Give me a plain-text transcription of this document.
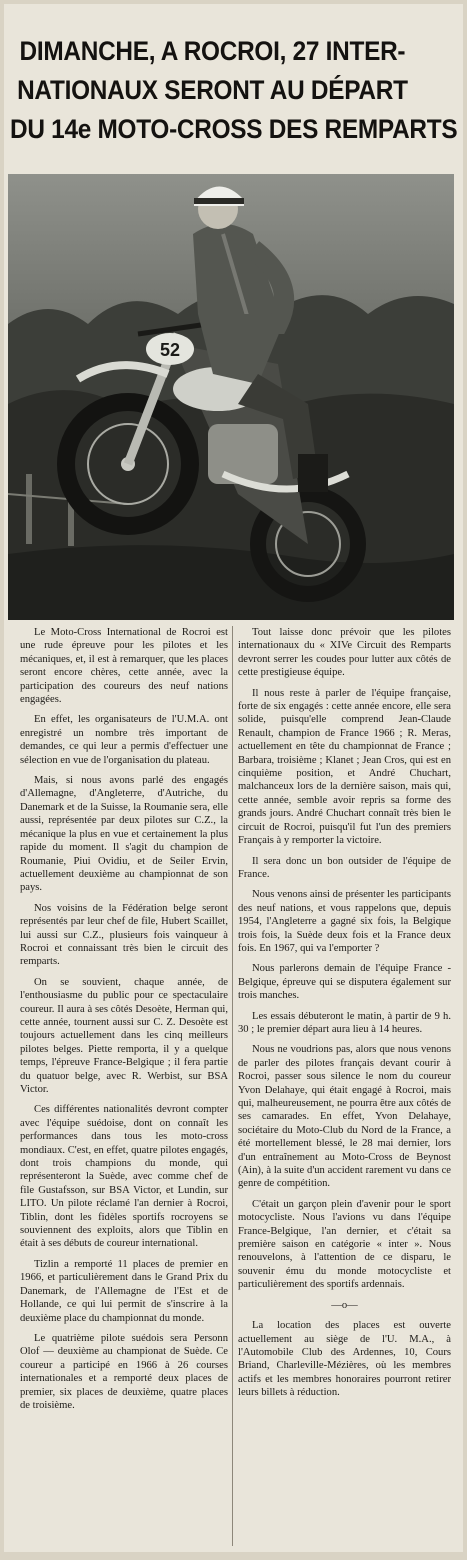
DIMANCHE, A ROCROI, 27 INTER-
NATIONAUX SERONT AU DÉPART
DU 14e MOTO-CROSS DES REMPARTS
52

Le Moto-Cross International de Rocroi est une rude épreuve pour les pilotes et les mécaniques, et, il est à remarquer, que les places seront encore chères, cette année, avec la participation des coureurs des neuf nations engagées.

En effet, les organisateurs de l'U.M.A. ont enregistré un nombre très important de demandes, ce qui leur a permis d'effectuer une sélection en vue de l'organisation du plateau.

Mais, si nous avons parlé des engagés d'Allemagne, d'Angleterre, d'Autriche, du Danemark et de la Suisse, la Roumanie sera, elle aussi, représentée par deux pilotes sur C.Z., la mécanique la plus en vue et certainement la plus rapide du moment. Il s'agit du champion de Roumanie, Piui Ovidiu, et de Seiler Ervin, actuellement deuxième au championnat de son pays.

Nos voisins de la Fédération belge seront représentés par leur chef de file, Hubert Scaillet, lui aussi sur C.Z., plusieurs fois vainqueur à Rocroi et connaissant très bien le circuit des remparts.

On se souvient, chaque année, de l'enthousiasme du public pour ce spectaculaire coureur. Il aura à ses côtés Desoète, Herman qui, cette année, tournent aussi sur C. Z. Desoète est toujours actuellement dans les cinq meilleurs pilotes belges. Piette remporta, il y a quelque temps, l'épreuve France-Belgique ; il fera partie du quatuor belge, avec R. Werbist, sur BSA Victor.

Ces différentes nationalités devront compter avec l'équipe suédoise, dont on connaît les performances dans tous les moto-cross mondiaux. C'est, en effet, quatre pilotes engagés, dont trois champions du monde, qui représenteront la Suède, avec comme chef de file Gustafsson, sur BSA Victor, et Lundin, sur LITO. Un pilote réclamé l'an dernier à Rocroi, Tiblin, dont les fidèles sportifs rocroyens se souviennent des exploits, alors que Tiblin en était à ses débuts de coureur international.

Tizlin a remporté 11 places de premier en 1966, et particulièrement dans le Grand Prix du Danemark, de l'Allemagne de l'Est et de Hollande, ce qui lui permit de s'inscrire à la deuxième place du championnat du monde.

Le quatrième pilote suédois sera Personn Olof — deuxième au championat de Suède. Ce coureur a participé en 1966 à 26 courses internationales et a remporté deux places de premier, six places de deuxième, quatre places de troisième.

Tout laisse donc prévoir que les pilotes internationaux du « XIVe Circuit des Remparts devront serrer les coudes pour lutter aux côtés de cette prestigieuse équipe.

Il nous reste à parler de l'équipe française, forte de six engagés : cette année encore, elle sera solide, puisqu'elle comprend Jean-Claude Renault, champion de France 1966 ; R. Meras, actuellement en tête du championnat de France ; Barbara, troisième ; Klanet ; Jean Cros, qui est en cinquième position, et André Chuchart, malchanceux lors de la dernière saison, mais qui, cette année, semble avoir repris sa forme des grands jours. André Chuchart connaît très bien le circuit de Rocroi, puisqu'il fut l'un des premiers Français à y remporter la victoire.

Il sera donc un bon outsider de l'équipe de France.

Nous venons ainsi de présenter les participants des neuf nations, et vous rappelons que, depuis 1954, l'Angleterre a gagné six fois, la Belgique trois fois, la Suède deux fois et la France deux fois. En 1967, qui va l'emporter ?

Nous parlerons demain de l'équipe France - Belgique, épreuve qui se disputera également sur trois manches.

Les essais débuteront le matin, à partir de 9 h. 30 ; le premier départ aura lieu à 14 heures.

Nous ne voudrions pas, alors que nous venons de parler des pilotes français devant courir à Rocroi, passer sous silence le nom du coureur Yvon Delahaye, qui était engagé à Rocroi, mais qui, malheureusement, ne pourra être aux côtés de ses camarades. En effet, Yvon Delahaye, sociétaire du Moto-Club du Nord de la France, a été mortellement blessé, le 28 mai dernier, lors d'un entraînement au Moto-Cross de Beynost (Ain), à la suite d'un accident rarement vu dans ce genre de compétition.

C'était un garçon plein d'avenir pour le sport motocycliste. Nous l'avions vu dans l'équipe France-Belgique, l'an dernier, et c'était sa première saison en catégorie « inter ». Nous renouvelons, à l'attention de ce disparu, le souvenir ému du monde motocycliste et particulièrement des sportifs ardennais.

—o—

La location des places est ouverte actuellement au siège de l'U. M.A., à l'Automobile Club des Ardennes, 10, Cours Briand, Charleville-Mézières, où les membres actifs et les membres honoraires pourront retirer leurs billets à réduction.
